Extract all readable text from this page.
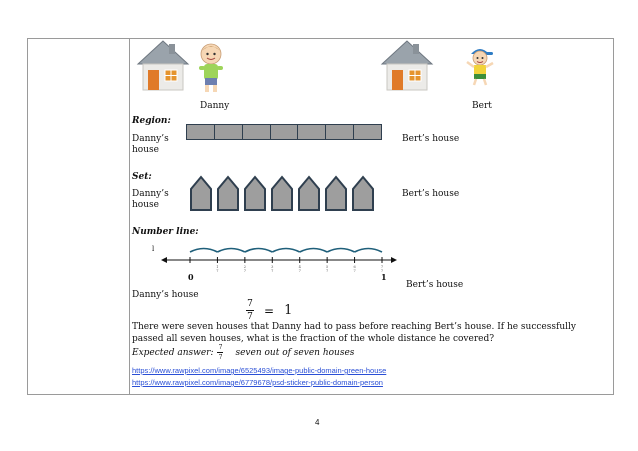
Danny	Bert
Region:
Danny’s house
Bert’s house
Set:
Danny’s house
Bert’s house
Number line:
l
1
7
2
7
3
7
4
7
5
7
6
7
7
7
0	1
Bert’s house
Danny’s house
$\frac{7}{7} = 1$
There were seven houses that Danny had to pass before reaching Bert’s house. If he successfully
passed all seven houses, what is the fraction of the whole distance he covered?
Expected answer: $\frac{7}{7}$ seven out of seven houses
https://www.rawpixel.com/image/6525493/image-public-domain-green-house
https://www.rawpixel.com/image/6779678/psd-sticker-public-domain-person
4
